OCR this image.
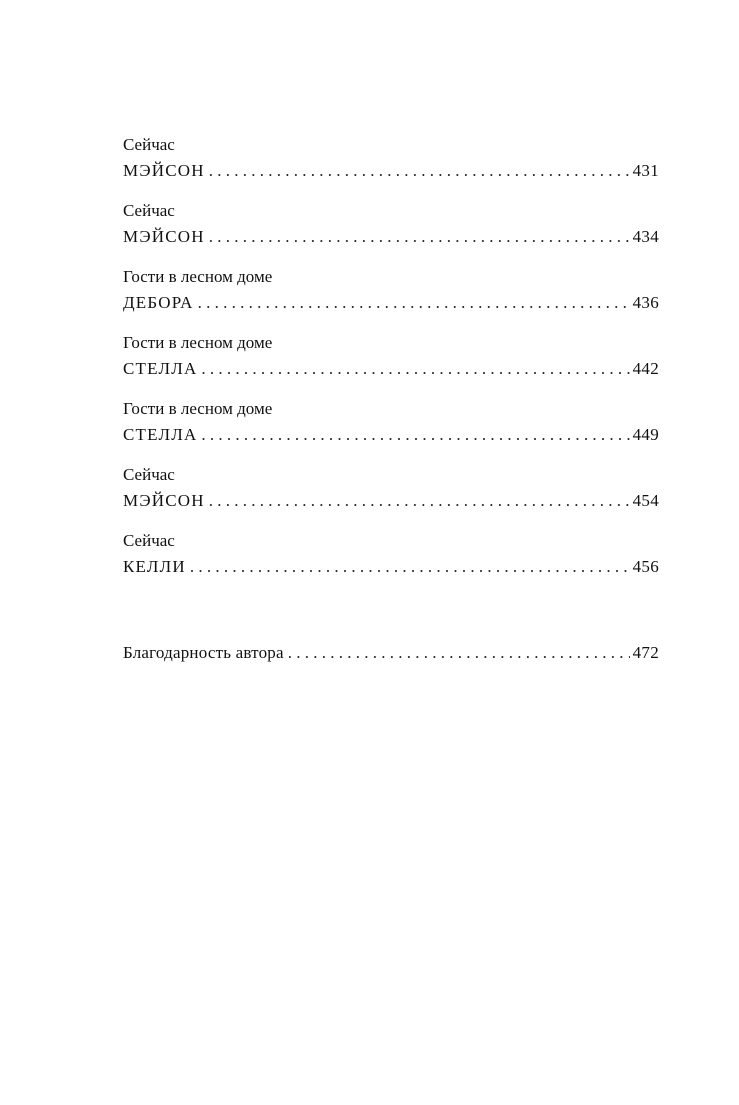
Сейчас
МЭЙСОН . . .	431
Сейчас
МЭЙСОН . . .	434
Гости в лесном доме
ДЕБОРА . . .	436
Гости в лесном доме
СТЕЛЛА . . .	442
Гости в лесном доме
СТЕЛЛА . . .	449
Сейчас
МЭЙСОН . . .	454
Сейчас
КЕЛЛИ . . .	456
Благодарность автора . . .	472
